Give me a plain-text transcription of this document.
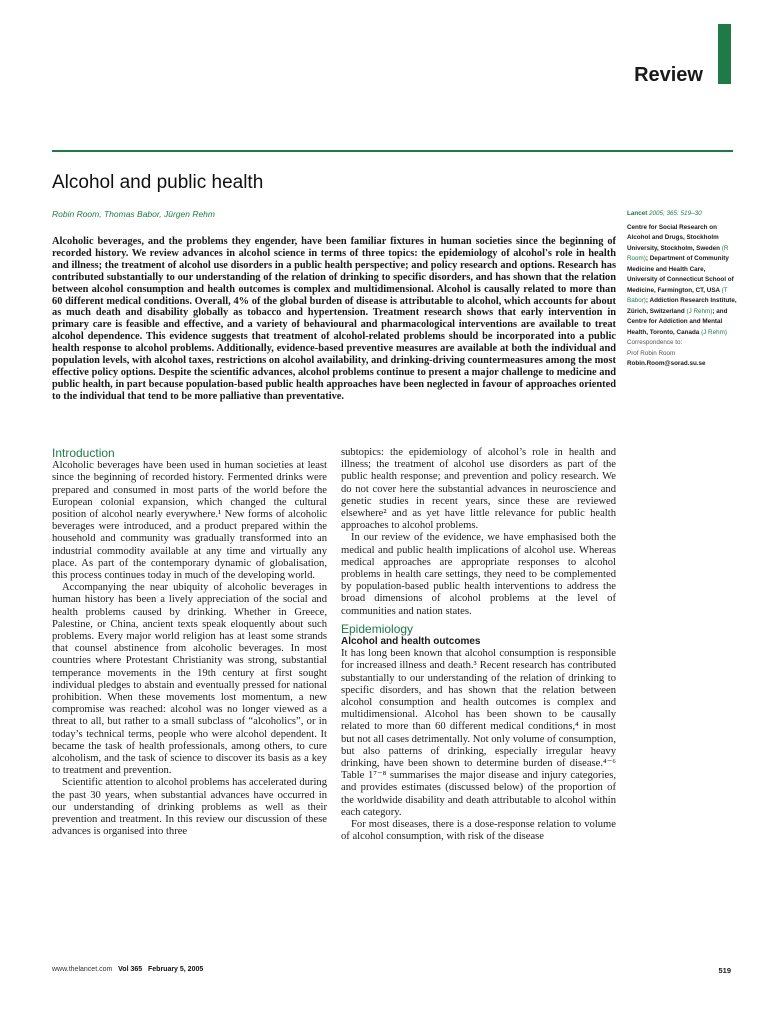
Review
Alcohol and public health
Robin Room, Thomas Babor, Jürgen Rehm

Alcoholic beverages, and the problems they engender, have been familiar fixtures in human societies since the beginning of recorded history. We review advances in alcohol science in terms of three topics: the epidemiology of alcohol's role in health and illness; the treatment of alcohol use disorders in a public health perspective; and policy research and options. Research has contributed substantially to our understanding of the relation of drinking to specific disorders, and has shown that the relation between alcohol consumption and health outcomes is complex and multidimensional. Alcohol is causally related to more than 60 different medical conditions. Overall, 4% of the global burden of disease is attributable to alcohol, which accounts for about as much death and disability globally as tobacco and hypertension. Treatment research shows that early intervention in primary care is feasible and effective, and a variety of behavioural and pharmacological interventions are available to treat alcohol dependence. This evidence suggests that treatment of alcohol-related problems should be incorporated into a public health response to alcohol problems. Additionally, evidence-based preventive measures are available at both the individual and population levels, with alcohol taxes, restrictions on alcohol availability, and drinking-driving countermeasures among the most effective policy options. Despite the scientific advances, alcohol problems continue to present a major challenge to medicine and public health, in part because population-based public health approaches have been neglected in favour of approaches oriented to the individual that tend to be more palliative than preventative.

Lancet 2005; 365: 519–30
Centre for Social Research on Alcohol and Drugs, Stockholm University, Stockholm, Sweden (R Room); Department of Community Medicine and Health Care, University of Connecticut School of Medicine, Farmington, CT, USA (T Babor); Addiction Research Institute, Zürich, Switzerland (J Rehm); and Centre for Addiction and Mental Health, Toronto, Canada (J Rehm)
Correspondence to:
Prof Robin Room
Robin.Room@sorad.su.se
Introduction

Alcoholic beverages have been used in human societies at least since the beginning of recorded history. Fermented drinks were prepared and consumed in most parts of the world before the European colonial expansion, which changed the cultural position of alcohol nearly everywhere.¹ New forms of alcoholic beverages were introduced, and a product prepared within the household and community was gradually transformed into an industrial commodity available at any time and virtually any place. As part of the contemporary dynamic of globalisation, this process continues today in much of the developing world.

Accompanying the near ubiquity of alcoholic beverages in human history has been a lively appreciation of the social and health problems caused by drinking. Whether in Greece, Palestine, or China, ancient texts speak eloquently about such problems. Every major world religion has at least some strands that counsel abstinence from alcoholic beverages. In most countries where Protestant Christianity was strong, substantial temperance movements in the 19th century at first sought individual pledges to abstain and eventually pressed for national prohibition. When these movements lost momentum, a new compromise was reached: alcohol was no longer viewed as a threat to all, but rather to a small subclass of “alcoholics”, or in today’s technical terms, people who were alcohol dependent. It became the task of health professionals, among others, to cure alcoholism, and the task of science to discover its basis as a key to treatment and prevention.

Scientific attention to alcohol problems has accelerated during the past 30 years, when substantial advances have occurred in our understanding of drinking problems as well as their prevention and treatment. In this review our discussion of these advances is organised into three

subtopics: the epidemiology of alcohol’s role in health and illness; the treatment of alcohol use disorders as part of the public health response; and prevention and policy research. We do not cover here the substantial advances in neuroscience and genetic studies in recent years, since these are reviewed elsewhere² and as yet have little relevance for public health approaches to alcohol problems.

In our review of the evidence, we have emphasised both the medical and public health implications of alcohol use. Whereas medical approaches are appropriate responses to alcohol problems in health care settings, they need to be complemented by population-based public health interventions to address the broad dimensions of alcohol problems at the level of communities and nation states.

Epidemiology
Alcohol and health outcomes

It has long been known that alcohol consumption is responsible for increased illness and death.³ Recent research has contributed substantially to our understanding of the relation of drinking to specific disorders, and has shown that the relation between alcohol consumption and health outcomes is complex and multidimensional. Alcohol has been shown to be causally related to more than 60 different medical conditions,⁴ in most but not all cases detrimentally. Not only volume of consumption, but also patterns of drinking, especially irregular heavy drinking, have been shown to determine burden of disease.⁴⁻⁶ Table 1⁷⁻⁸ summarises the major disease and injury categories, and provides estimates (discussed below) of the proportion of the worldwide disability and death attributable to alcohol within each category.

For most diseases, there is a dose-response relation to volume of alcohol consumption, with risk of the disease

www.thelancet.com Vol 365 February 5, 2005	519
